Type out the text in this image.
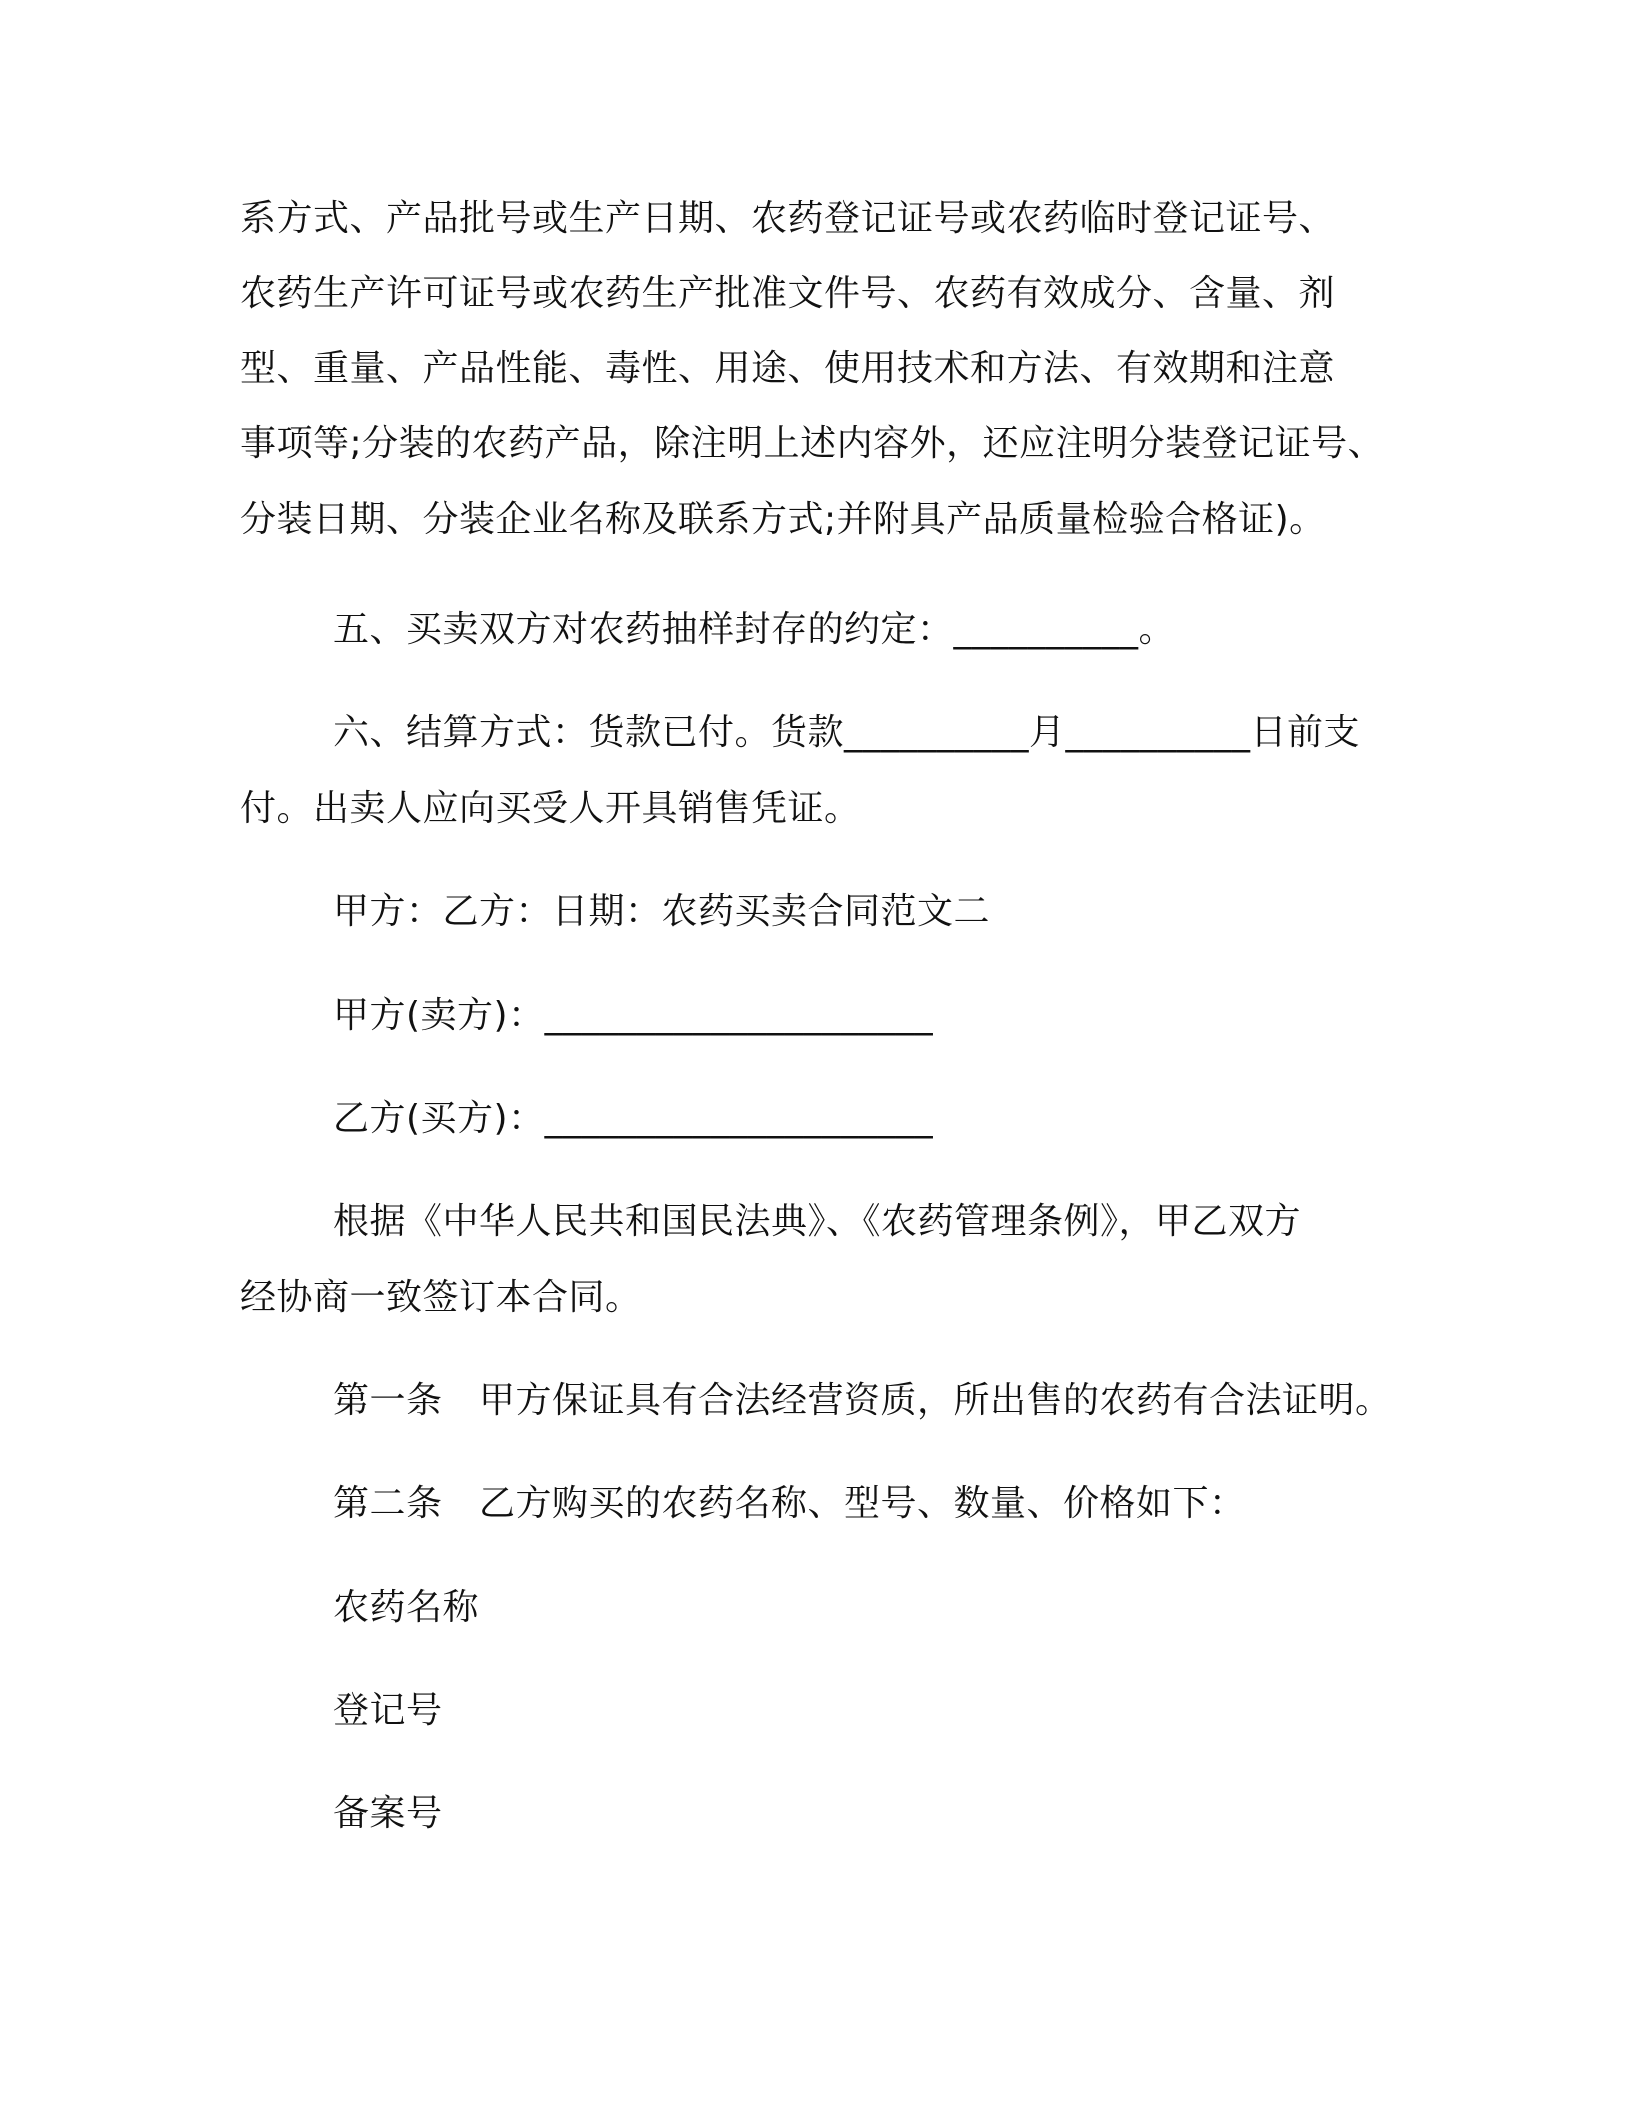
系方式、产品批号或生产日期、农药登记证号或农药临时登记证号、
农药生产许可证号或农药生产批准文件号、农药有效成分、含量、剂
型、重量、产品性能、毒性、用途、使用技术和方法、有效期和注意
事项等;分装的农药产品，除注明上述内容外，还应注明分装登记证号、
分装日期、分装企业名称及联系方式;并附具产品质量检验合格证)。
五、买卖双方对农药抽样封存的约定：__________。
六、结算方式：货款已付。货款__________月__________日前支
付。出卖人应向买受人开具销售凭证。
甲方：乙方：日期：农药买卖合同范文二
甲方(卖方)：_____________________
乙方(买方)：_____________________
根据《中华人民共和国民法典》、《农药管理条例》，甲乙双方
经协商一致签订本合同。
第一条　甲方保证具有合法经营资质，所出售的农药有合法证明。
第二条　乙方购买的农药名称、型号、数量、价格如下：
农药名称
登记号
备案号
